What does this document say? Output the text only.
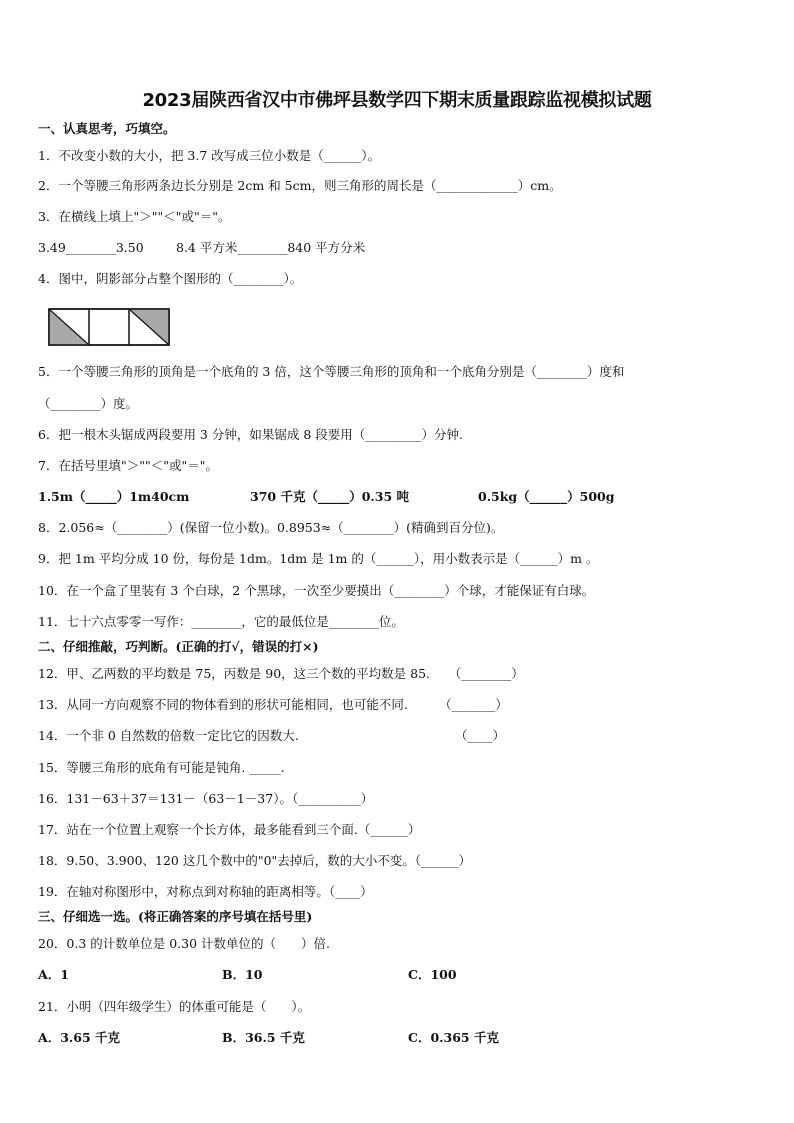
2023届陕西省汉中市佛坪县数学四下期末质量跟踪监视模拟试题
一、认真思考，巧填空。
1．不改变小数的大小，把 3.7 改写成三位小数是（______）。
2．一个等腰三角形两条边长分别是 2cm 和 5cm，则三角形的周长是（_____________）cm。
3．在横线上填上"＞""＜"或"＝"。
3.49________3.50	8.4 平方米________840 平方分米
4．图中，阴影部分占整个图形的（________）。
5．一个等腰三角形的顶角是一个底角的 3 倍，这个等腰三角形的顶角和一个底角分别是（________）度和
（________）度。
6．把一根木头锯成两段要用 3 分钟，如果锯成 8 段要用（_________）分钟.
7．在括号里填"＞""＜"或"＝"。
1.5m（_____）1m40cm	370 千克（_____）0.35 吨	0.5kg（______）500g
8．2.056≈（________）(保留一位小数)。0.8953≈（________）(精确到百分位)。
9．把 1m 平均分成 10 份，每份是 1dm。1dm 是 1m 的（______），用小数表示是（______）m 。
10．在一个盒了里装有 3 个白球，2 个黑球，一次至少要摸出（________）个球，才能保证有白球。
11．七十六点零零一写作：________，它的最低位是________位。
二、仔细推敲，巧判断。(正确的打√，错误的打×)
12．甲、乙两数的平均数是 75，丙数是 90，这三个数的平均数是 85.　　（________）
13．从同一方向观察不同的物体看到的形状可能相同，也可能不同.　　　（_______）
14．一个非 0 自然数的倍数一定比它的因数大.　　　　　　　　　　　　　（____）
15．等腰三角形的底角有可能是钝角. _____.
16．131－63＋37＝131－（63－1－37）。（__________）
17．站在一个位置上观察一个长方体，最多能看到三个面.（______）
18．9.50、3.900、120 这几个数中的"0"去掉后，数的大小不变。（______）
19．在轴对称图形中，对称点到对称轴的距离相等。（____）
三、仔细选一选。(将正确答案的序号填在括号里)
20．0.3 的计数单位是 0.30 计数单位的（　　）倍.
A．1	B．10	C．100
21．小明（四年级学生）的体重可能是（　　）。
A．3.65 千克	B．36.5 千克	C．0.365 千克
